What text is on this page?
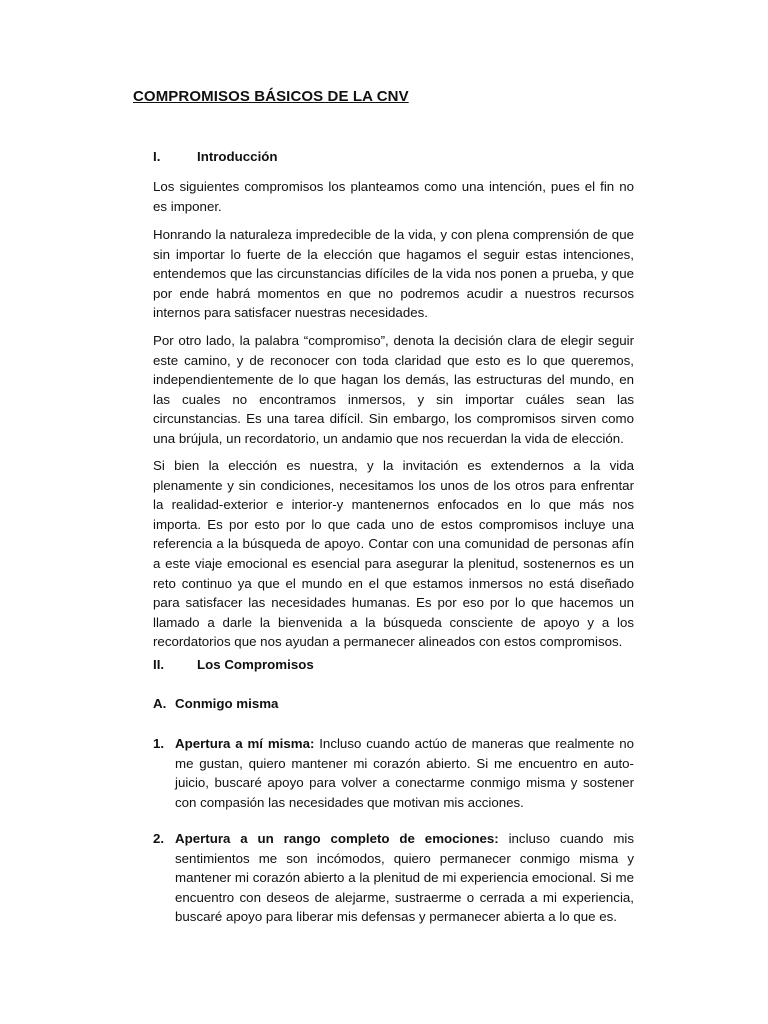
COMPROMISOS BÁSICOS DE LA CNV
I.	Introducción
Los siguientes compromisos los planteamos como una intención, pues el fin no es imponer.
Honrando la naturaleza impredecible de la vida, y con plena comprensión de que sin importar lo fuerte de la elección que hagamos el seguir estas intenciones, entendemos que las circunstancias difíciles de la vida nos ponen a prueba, y que por ende habrá momentos en que no podremos acudir a nuestros recursos internos para satisfacer nuestras necesidades.
Por otro lado, la palabra “compromiso”, denota la decisión clara de elegir seguir este camino, y de reconocer con toda claridad que esto es lo que queremos, independientemente de lo que hagan los demás, las estructuras del mundo, en las cuales no encontramos inmersos, y sin importar cuáles sean las circunstancias. Es una tarea difícil. Sin embargo, los compromisos sirven como una brújula, un recordatorio, un andamio que nos recuerdan la vida de elección.
Si bien la elección es nuestra, y la invitación es extendernos a la vida plenamente y sin condiciones, necesitamos los unos de los otros para enfrentar la realidad-exterior e interior-y mantenernos enfocados en lo que más nos importa. Es por esto por lo que cada uno de estos compromisos incluye una referencia a la búsqueda de apoyo. Contar con una comunidad de personas afín a este viaje emocional es esencial para asegurar la plenitud, sostenernos es un reto continuo ya que el mundo en el que estamos inmersos no está diseñado para satisfacer las necesidades humanas. Es por eso por lo que hacemos un llamado a darle la bienvenida a la búsqueda consciente de apoyo y a los recordatorios que nos ayudan a permanecer alineados con estos compromisos.
II. Los Compromisos
A. Conmigo misma
1. Apertura a mí misma: Incluso cuando actúo de maneras que realmente no me gustan, quiero mantener mi corazón abierto. Si me encuentro en auto-juicio, buscaré apoyo para volver a conectarme conmigo misma y sostener con compasión las necesidades que motivan mis acciones.
2. Apertura a un rango completo de emociones: incluso cuando mis sentimientos me son incómodos, quiero permanecer conmigo misma y mantener mi corazón abierto a la plenitud de mi experiencia emocional. Si me encuentro con deseos de alejarme, sustraerme o cerrada a mi experiencia, buscaré apoyo para liberar mis defensas y permanecer abierta a lo que es.
